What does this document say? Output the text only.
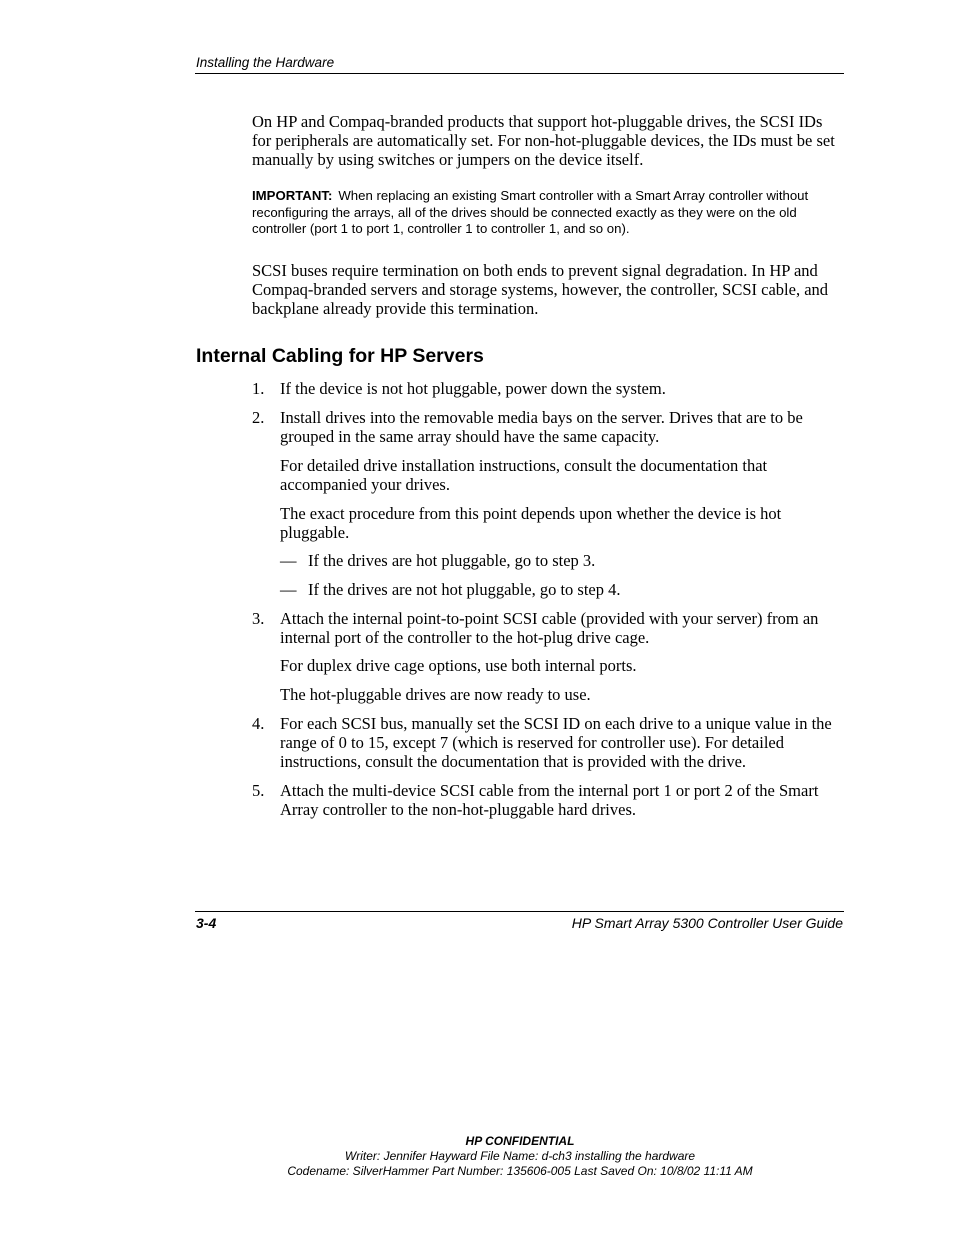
Installing the Hardware

On HP and Compaq-branded products that support hot-pluggable drives, the SCSI IDs for peripherals are automatically set. For non-hot-pluggable devices, the IDs must be set manually by using switches or jumpers on the device itself.

IMPORTANT: When replacing an existing Smart controller with a Smart Array controller without reconfiguring the arrays, all of the drives should be connected exactly as they were on the old controller (port 1 to port 1, controller 1 to controller 1, and so on).

SCSI buses require termination on both ends to prevent signal degradation. In HP and Compaq-branded servers and storage systems, however, the controller, SCSI cable, and backplane already provide this termination.

Internal Cabling for HP Servers
1. If the device is not hot pluggable, power down the system.
2. Install drives into the removable media bays on the server. Drives that are to be grouped in the same array should have the same capacity.

For detailed drive installation instructions, consult the documentation that accompanied your drives.

The exact procedure from this point depends upon whether the device is hot pluggable.

— If the drives are hot pluggable, go to step 3.
— If the drives are not hot pluggable, go to step 4.
3. Attach the internal point-to-point SCSI cable (provided with your server) from an internal port of the controller to the hot-plug drive cage.

For duplex drive cage options, use both internal ports.

The hot-pluggable drives are now ready to use.

4. For each SCSI bus, manually set the SCSI ID on each drive to a unique value in the range of 0 to 15, except 7 (which is reserved for controller use). For detailed instructions, consult the documentation that is provided with the drive.
5. Attach the multi-device SCSI cable from the internal port 1 or port 2 of the Smart Array controller to the non-hot-pluggable hard drives.
3-4	HP Smart Array 5300 Controller User Guide
HP CONFIDENTIAL
Writer: Jennifer Hayward File Name: d-ch3 installing the hardware
Codename: SilverHammer Part Number: 135606-005 Last Saved On: 10/8/02 11:11 AM
